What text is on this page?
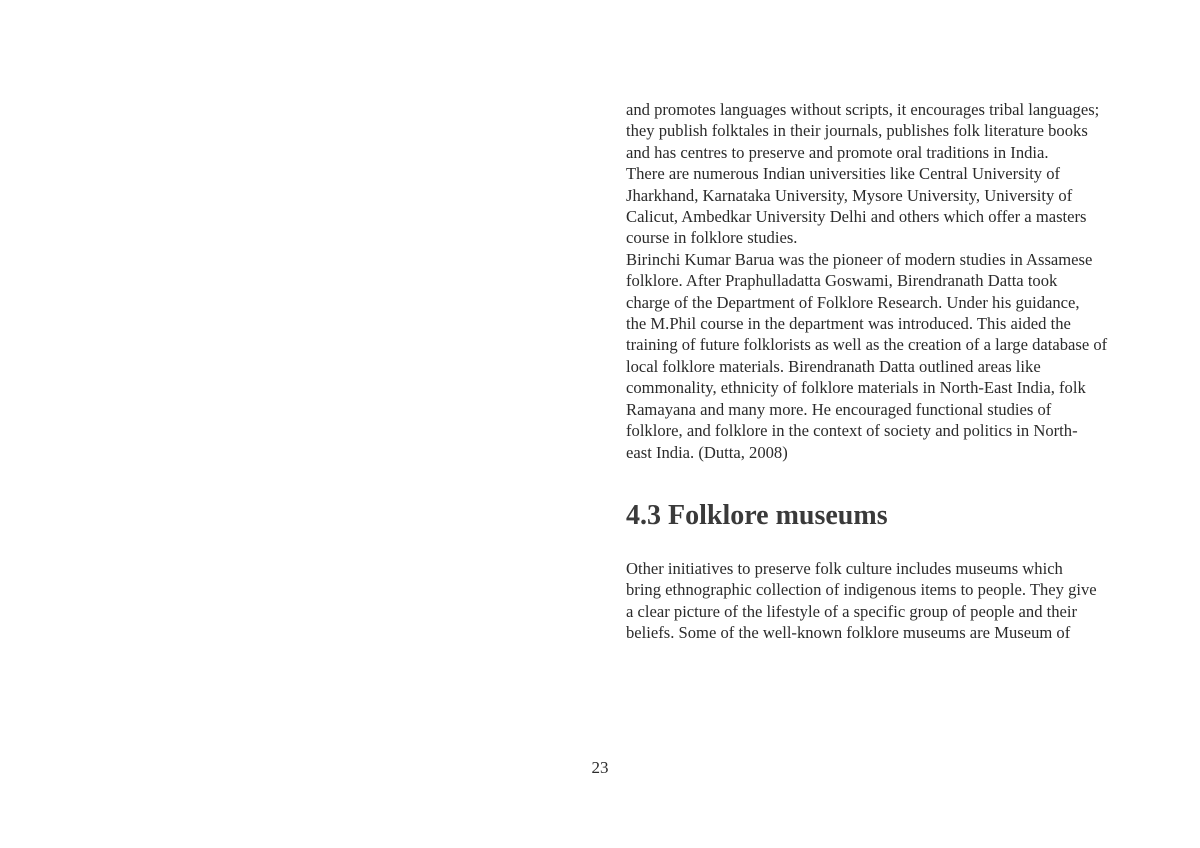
and promotes languages without scripts, it encourages tribal languages;
they publish folktales in their journals, publishes folk literature books
and has centres to preserve and promote oral traditions in India.

There are numerous Indian universities like Central University of
Jharkhand, Karnataka University, Mysore University, University of
Calicut, Ambedkar University Delhi and others which offer a masters
course in folklore studies.

Birinchi Kumar Barua was the pioneer of modern studies in Assamese
folklore. After Praphulladatta Goswami, Birendranath Datta took
charge of the Department of Folklore Research. Under his guidance,
the M.Phil course in the department was introduced. This aided the
training of future folklorists as well as the creation of a large database of
local folklore materials. Birendranath Datta outlined areas like
commonality, ethnicity of folklore materials in North-East India, folk
Ramayana and many more. He encouraged functional studies of
folklore, and folklore in the context of society and politics in North-
east India. (Dutta, 2008)

4.3 Folklore museums

Other initiatives to preserve folk culture includes museums which
bring ethnographic collection of indigenous items to people. They give
a clear picture of the lifestyle of a specific group of people and their
beliefs. Some of the well-known folklore museums are Museum of

23
